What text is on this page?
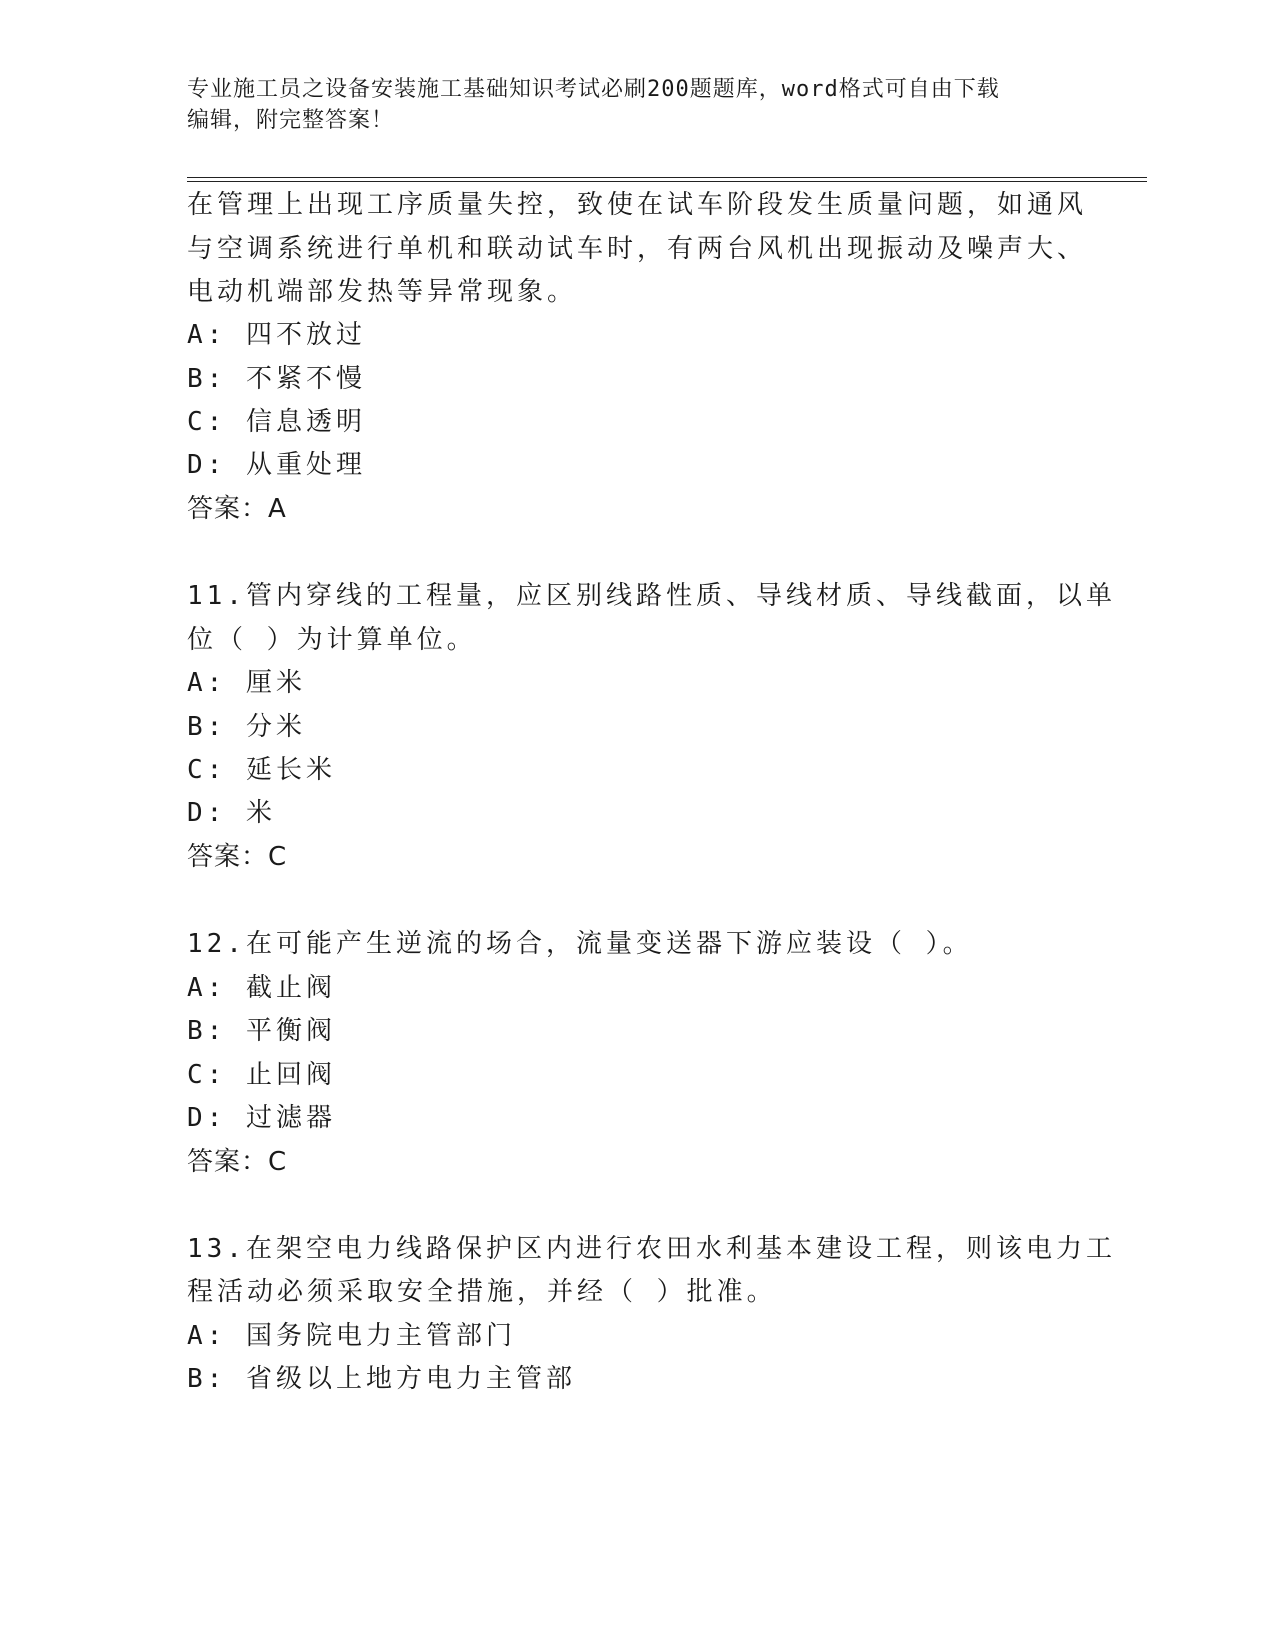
专业施工员之设备安装施工基础知识考试必刷200题题库，word格式可自由下载
编辑，附完整答案！
在管理上出现工序质量失控，致使在试车阶段发生质量问题，如通风
与空调系统进行单机和联动试车时，有两台风机出现振动及噪声大、
电动机端部发热等异常现象。
A: 四不放过
B: 不紧不慢
C: 信息透明
D: 从重处理
答案：A
11.管内穿线的工程量，应区别线路性质、导线材质、导线截面，以单
位（ ）为计算单位。
A: 厘米
B: 分米
C: 延长米
D: 米
答案：C
12.在可能产生逆流的场合，流量变送器下游应装设（ ）。
A: 截止阀
B: 平衡阀
C: 止回阀
D: 过滤器
答案：C
13.在架空电力线路保护区内进行农田水利基本建设工程，则该电力工
程活动必须采取安全措施，并经（ ）批准。
A: 国务院电力主管部门
B: 省级以上地方电力主管部
